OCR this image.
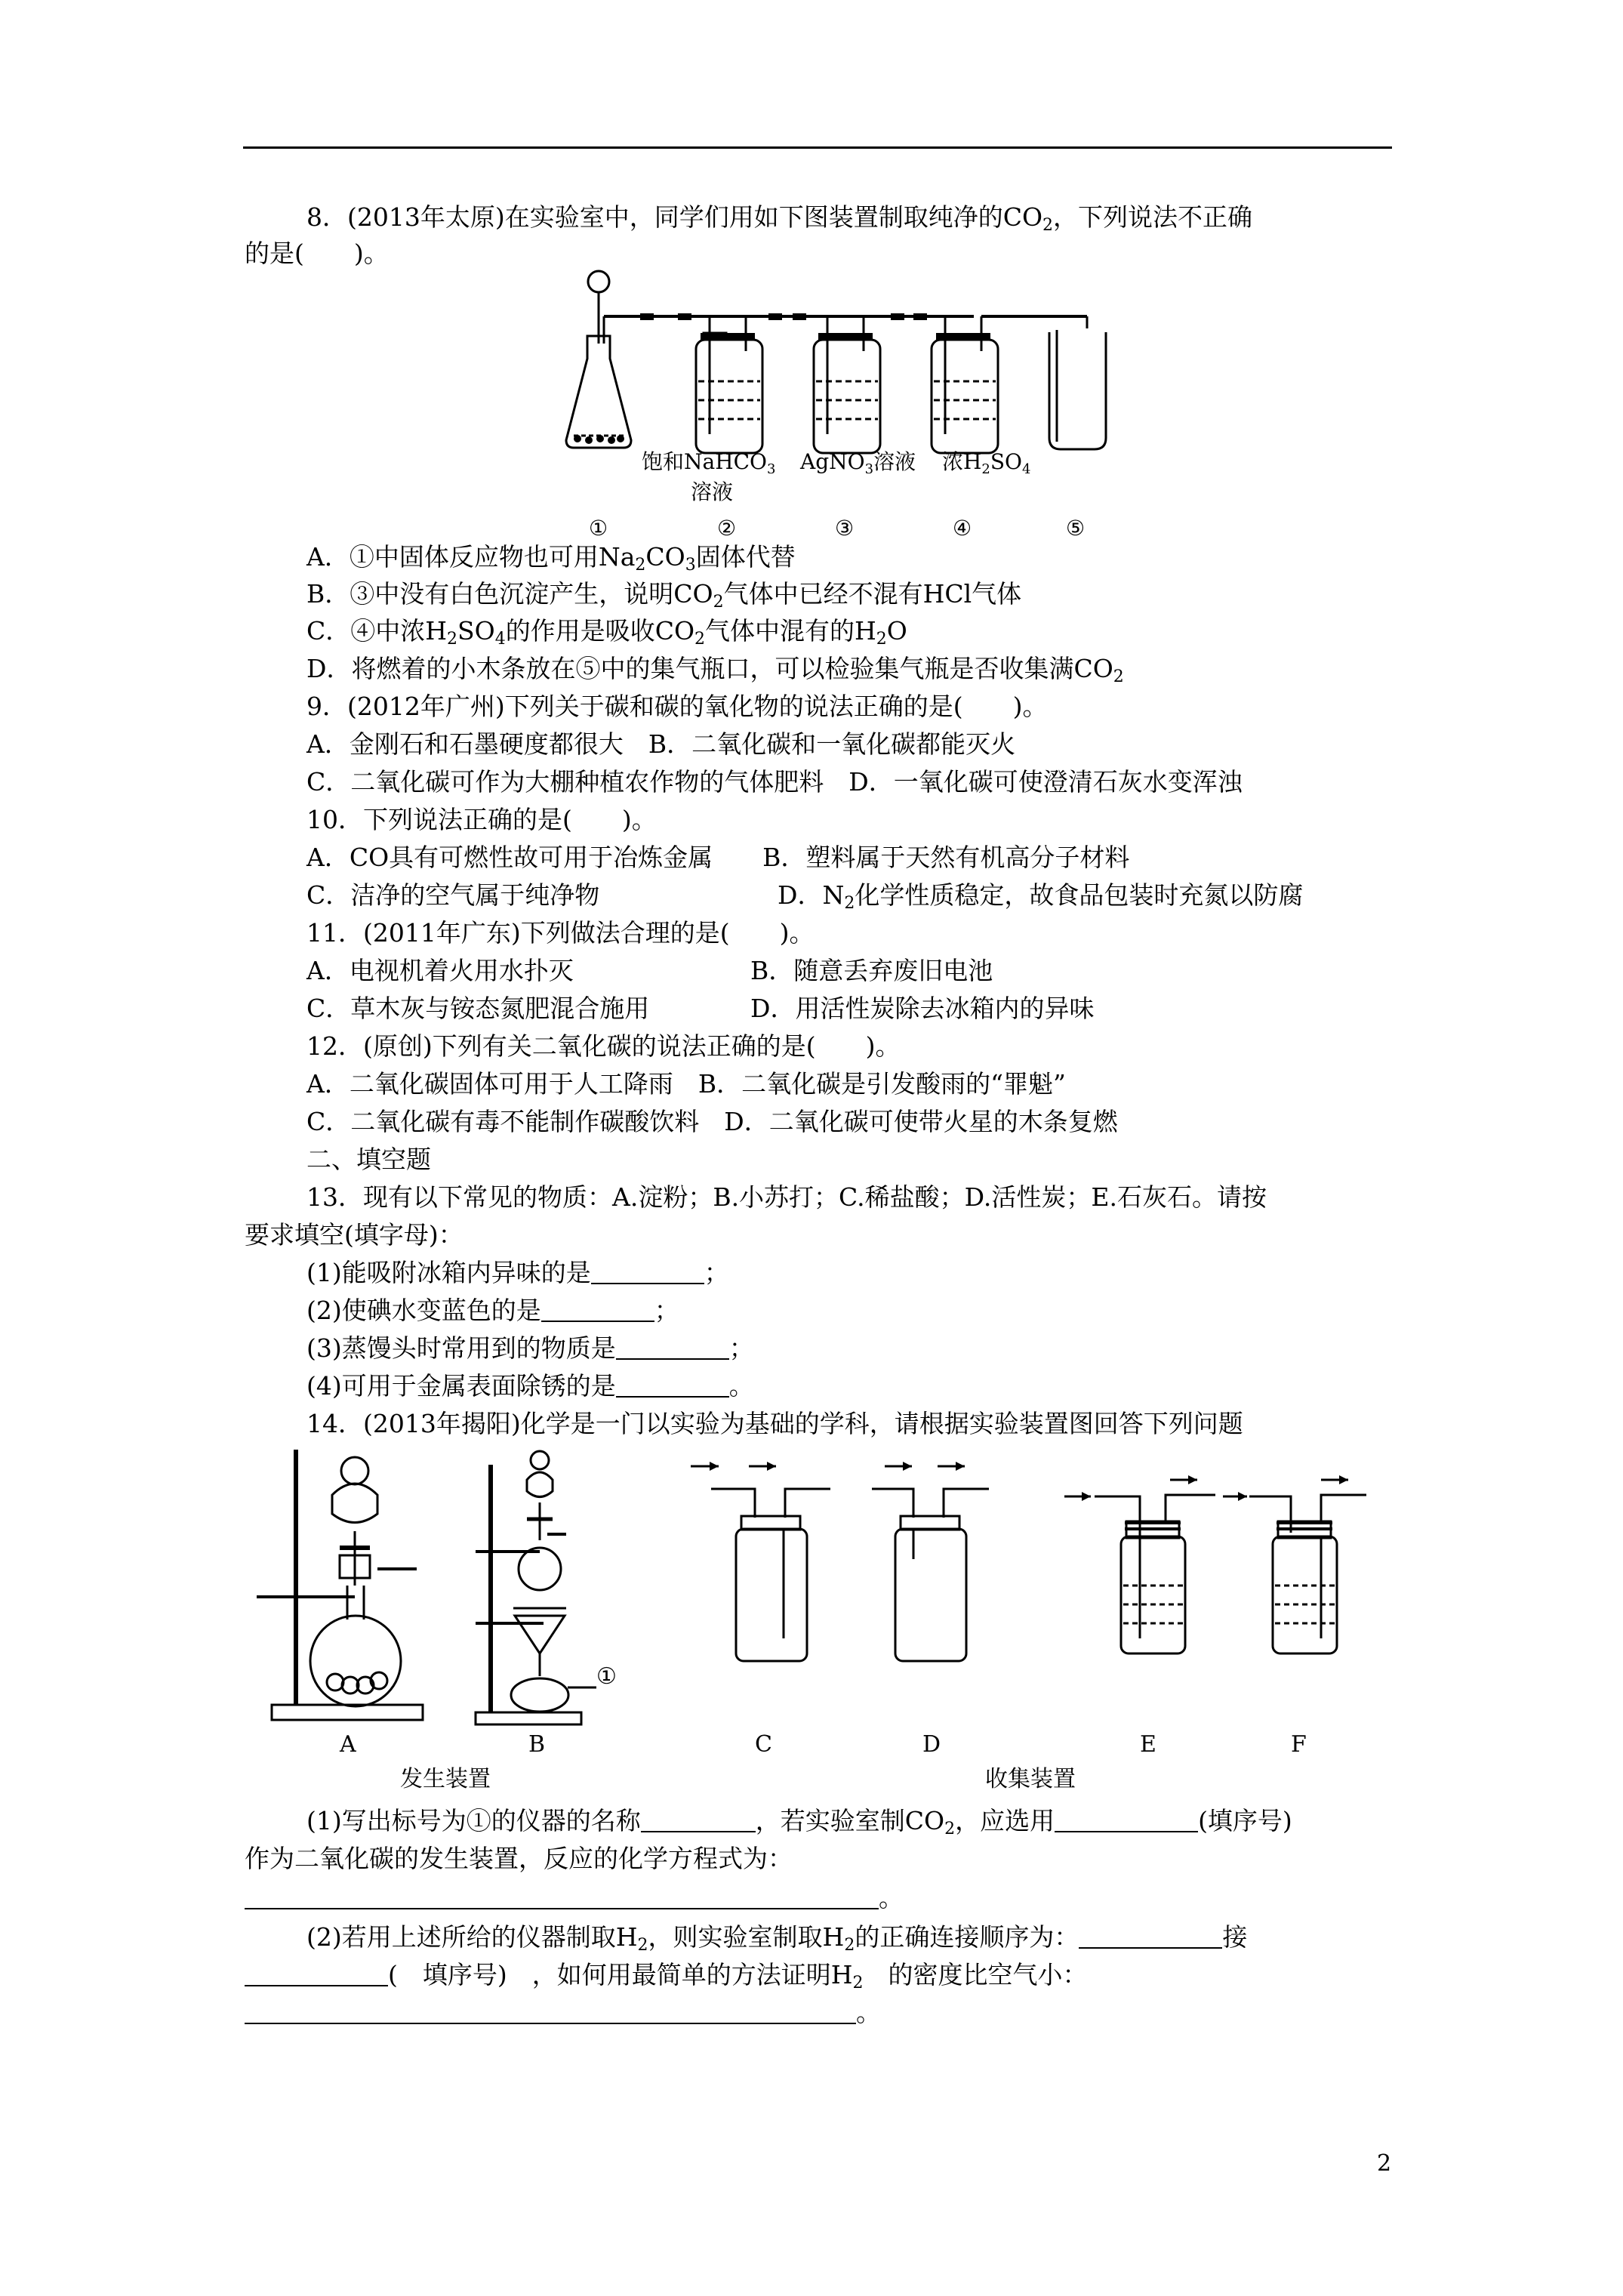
8．(2013年太原)在实验室中，同学们用如下图装置制取纯净的$CO_2$，下列说法不正确
的是(　　)。
饱和NaHCO$_3$
溶液
AgNO$_3$溶液 浓$H_2SO_4$
①	②	③	④	⑤
A．①中固体反应物也可用$Na_2CO_3$固体代替
B．③中没有白色沉淀产生，说明$CO_2$气体中已经不混有HCl气体
C．④中浓$H_2SO_4$的作用是吸收$CO_2$气体中混有的$H_2O$
D．将燃着的小木条放在⑤中的集气瓶口，可以检验集气瓶是否收集满$CO_2$
9．(2012年广州)下列关于碳和碳的氧化物的说法正确的是(　　)。
A．金刚石和石墨硬度都很大　B．二氧化碳和一氧化碳都能灭火
C．二氧化碳可作为大棚种植农作物的气体肥料　D．一氧化碳可使澄清石灰水变浑浊
10．下列说法正确的是(　　)。
A．CO具有可燃性故可用于冶炼金属　　B．塑料属于天然有机高分子材料
C．洁净的空气属于纯净物	D．$N_2$化学性质稳定，故食品包装时充氮以防腐
11．(2011年广东)下列做法合理的是(　　)。
A．电视机着火用水扑灭	B．随意丢弃废旧电池
C．草木灰与铵态氮肥混合施用	D．用活性炭除去冰箱内的异味
12．(原创)下列有关二氧化碳的说法正确的是(　　)。
A．二氧化碳固体可用于人工降雨　B．二氧化碳是引发酸雨的“罪魁”
C．二氧化碳有毒不能制作碳酸饮料　D．二氧化碳可使带火星的木条复燃
二、填空题
13．现有以下常见的物质：A.淀粉；B.小苏打；C.稀盐酸；D.活性炭；E.石灰石。请按
要求填空(填字母)：
(1)能吸附冰箱内异味的是	；
(2)使碘水变蓝色的是	；
(3)蒸馒头时常用到的物质是	；
(4)可用于金属表面除锈的是	。
14．(2013年揭阳)化学是一门以实验为基础的学科，请根据实验装置图回答下列问题
①
A	B	C	D	E	F
发生装置	收集装置
(1)写出标号为①的仪器的名称	，若实验室制$CO_2$，应选用	(填序号)
作为二氧化碳的发生装置，反应的化学方程式为：
。
(2)若用上述所给的仪器制取$H_2$，则实验室制取$H_2$的正确连接顺序为：	接
(　填序号)　，如何用最简单的方法证明$H_2$　的密度比空气小：
。
2
